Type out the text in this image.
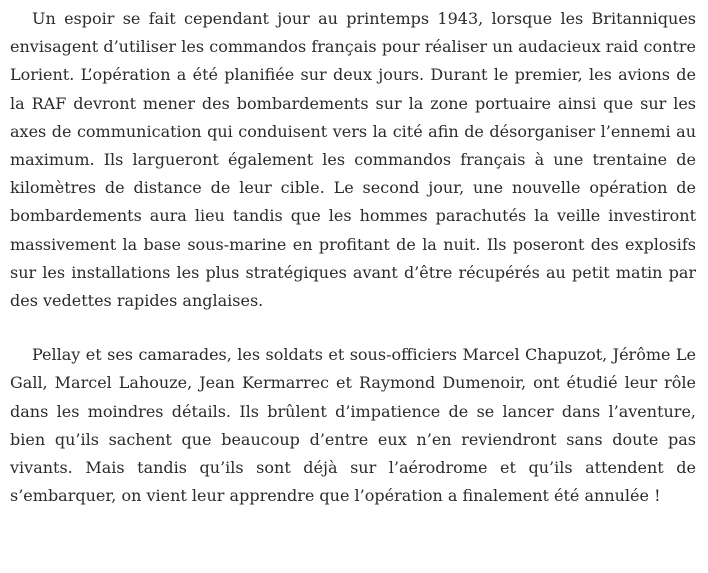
Un espoir se fait cependant jour au printemps 1943, lorsque les Britanniques envisagent d’utiliser les commandos français pour réaliser un audacieux raid contre Lorient. L’opération a été planifiée sur deux jours. Durant le premier, les avions de la RAF devront mener des bombardements sur la zone portuaire ainsi que sur les axes de communication qui conduisent vers la cité afin de désorganiser l’ennemi au maximum. Ils largueront également les commandos français à une trentaine de kilomètres de distance de leur cible. Le second jour, une nouvelle opération de bombardements aura lieu tandis que les hommes parachutés la veille investiront massivement la base sous-marine en profitant de la nuit. Ils poseront des explosifs sur les installations les plus stratégiques avant d’être récupérés au petit matin par des vedettes rapides anglaises.

Pellay et ses camarades, les soldats et sous-officiers Marcel Chapuzot, Jérôme Le Gall, Marcel Lahouze, Jean Kermarrec et Raymond Dumenoir, ont étudié leur rôle dans les moindres détails. Ils brûlent d’impatience de se lancer dans l’aventure, bien qu’ils sachent que beaucoup d’entre eux n’en reviendront sans doute pas vivants. Mais tandis qu’ils sont déjà sur l’aérodrome et qu’ils attendent de s’embarquer, on vient leur apprendre que l’opération a finalement été annulée !
